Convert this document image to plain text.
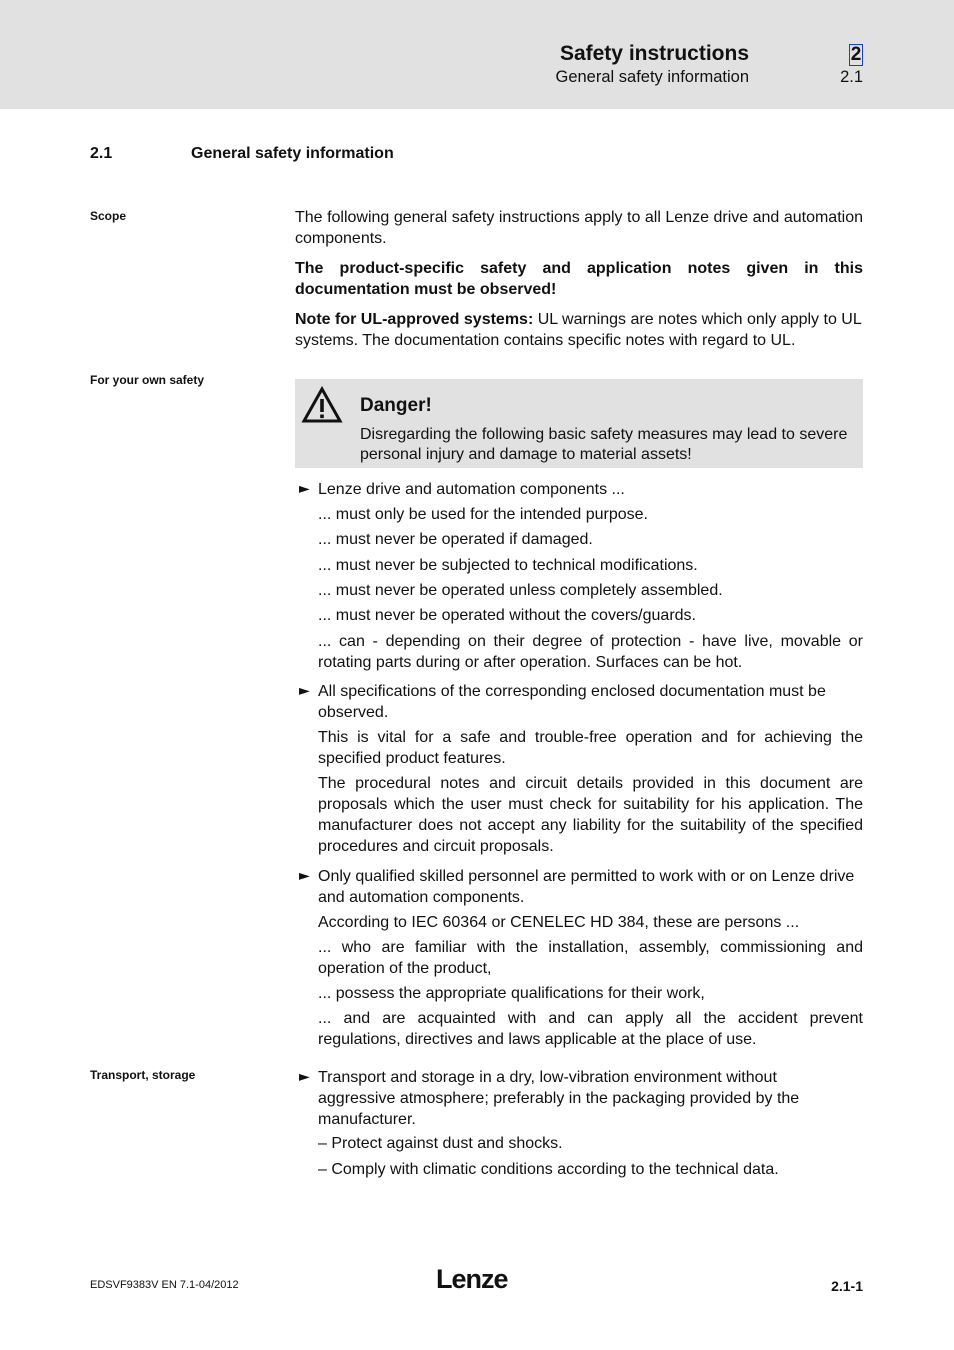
Safety instructions
General safety information
2
2.1
2.1	General safety information
Scope	The following general safety instructions apply to all Lenze drive and automation components.
The product-specific safety and application notes given in this documentation must be observed!
Note for UL-approved systems: UL warnings are notes which only apply to UL systems. The documentation contains specific notes with regard to UL.
For your own safety
Danger!
Disregarding the following basic safety measures may lead to severe personal injury and damage to material assets!
► Lenze drive and automation components ...
... must only be used for the intended purpose.
... must never be operated if damaged.
... must never be subjected to technical modifications.
... must never be operated unless completely assembled.
... must never be operated without the covers/guards.
... can - depending on their degree of protection - have live, movable or rotating parts during or after operation. Surfaces can be hot.
► All specifications of the corresponding enclosed documentation must be observed.
This is vital for a safe and trouble-free operation and for achieving the specified product features.
The procedural notes and circuit details provided in this document are proposals which the user must check for suitability for his application. The manufacturer does not accept any liability for the suitability of the specified procedures and circuit proposals.
► Only qualified skilled personnel are permitted to work with or on Lenze drive and automation components.
According to IEC 60364 or CENELEC HD 384, these are persons ...
... who are familiar with the installation, assembly, commissioning and operation of the product,
... possess the appropriate qualifications for their work,
... and are acquainted with and can apply all the accident prevent regulations, directives and laws applicable at the place of use.
Transport, storage	► Transport and storage in a dry, low-vibration environment without aggressive atmosphere; preferably in the packaging provided by the manufacturer.
– Protect against dust and shocks.
– Comply with climatic conditions according to the technical data.
EDSVF9383V EN 7.1-04/2012	Lenze	2.1-1
